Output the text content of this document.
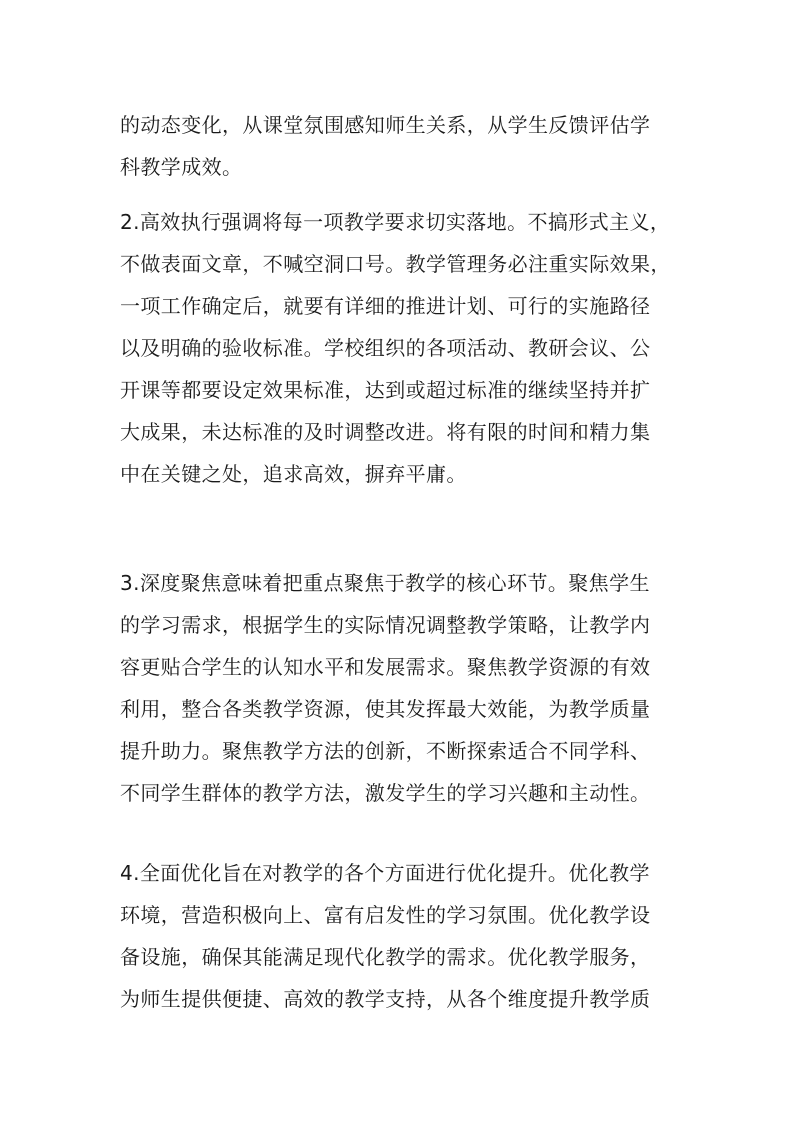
的动态变化，从课堂氛围感知师生关系，从学生反馈评估学
科教学成效。
2.高效执行强调将每一项教学要求切实落地。不搞形式主义，
不做表面文章，不喊空洞口号。教学管理务必注重实际效果，
一项工作确定后，就要有详细的推进计划、可行的实施路径
以及明确的验收标准。学校组织的各项活动、教研会议、公
开课等都要设定效果标准，达到或超过标准的继续坚持并扩
大成果，未达标准的及时调整改进。将有限的时间和精力集
中在关键之处，追求高效，摒弃平庸。
3.深度聚焦意味着把重点聚焦于教学的核心环节。聚焦学生
的学习需求，根据学生的实际情况调整教学策略，让教学内
容更贴合学生的认知水平和发展需求。聚焦教学资源的有效
利用，整合各类教学资源，使其发挥最大效能，为教学质量
提升助力。聚焦教学方法的创新，不断探索适合不同学科、
不同学生群体的教学方法，激发学生的学习兴趣和主动性。
4.全面优化旨在对教学的各个方面进行优化提升。优化教学
环境，营造积极向上、富有启发性的学习氛围。优化教学设
备设施，确保其能满足现代化教学的需求。优化教学服务，
为师生提供便捷、高效的教学支持，从各个维度提升教学质
